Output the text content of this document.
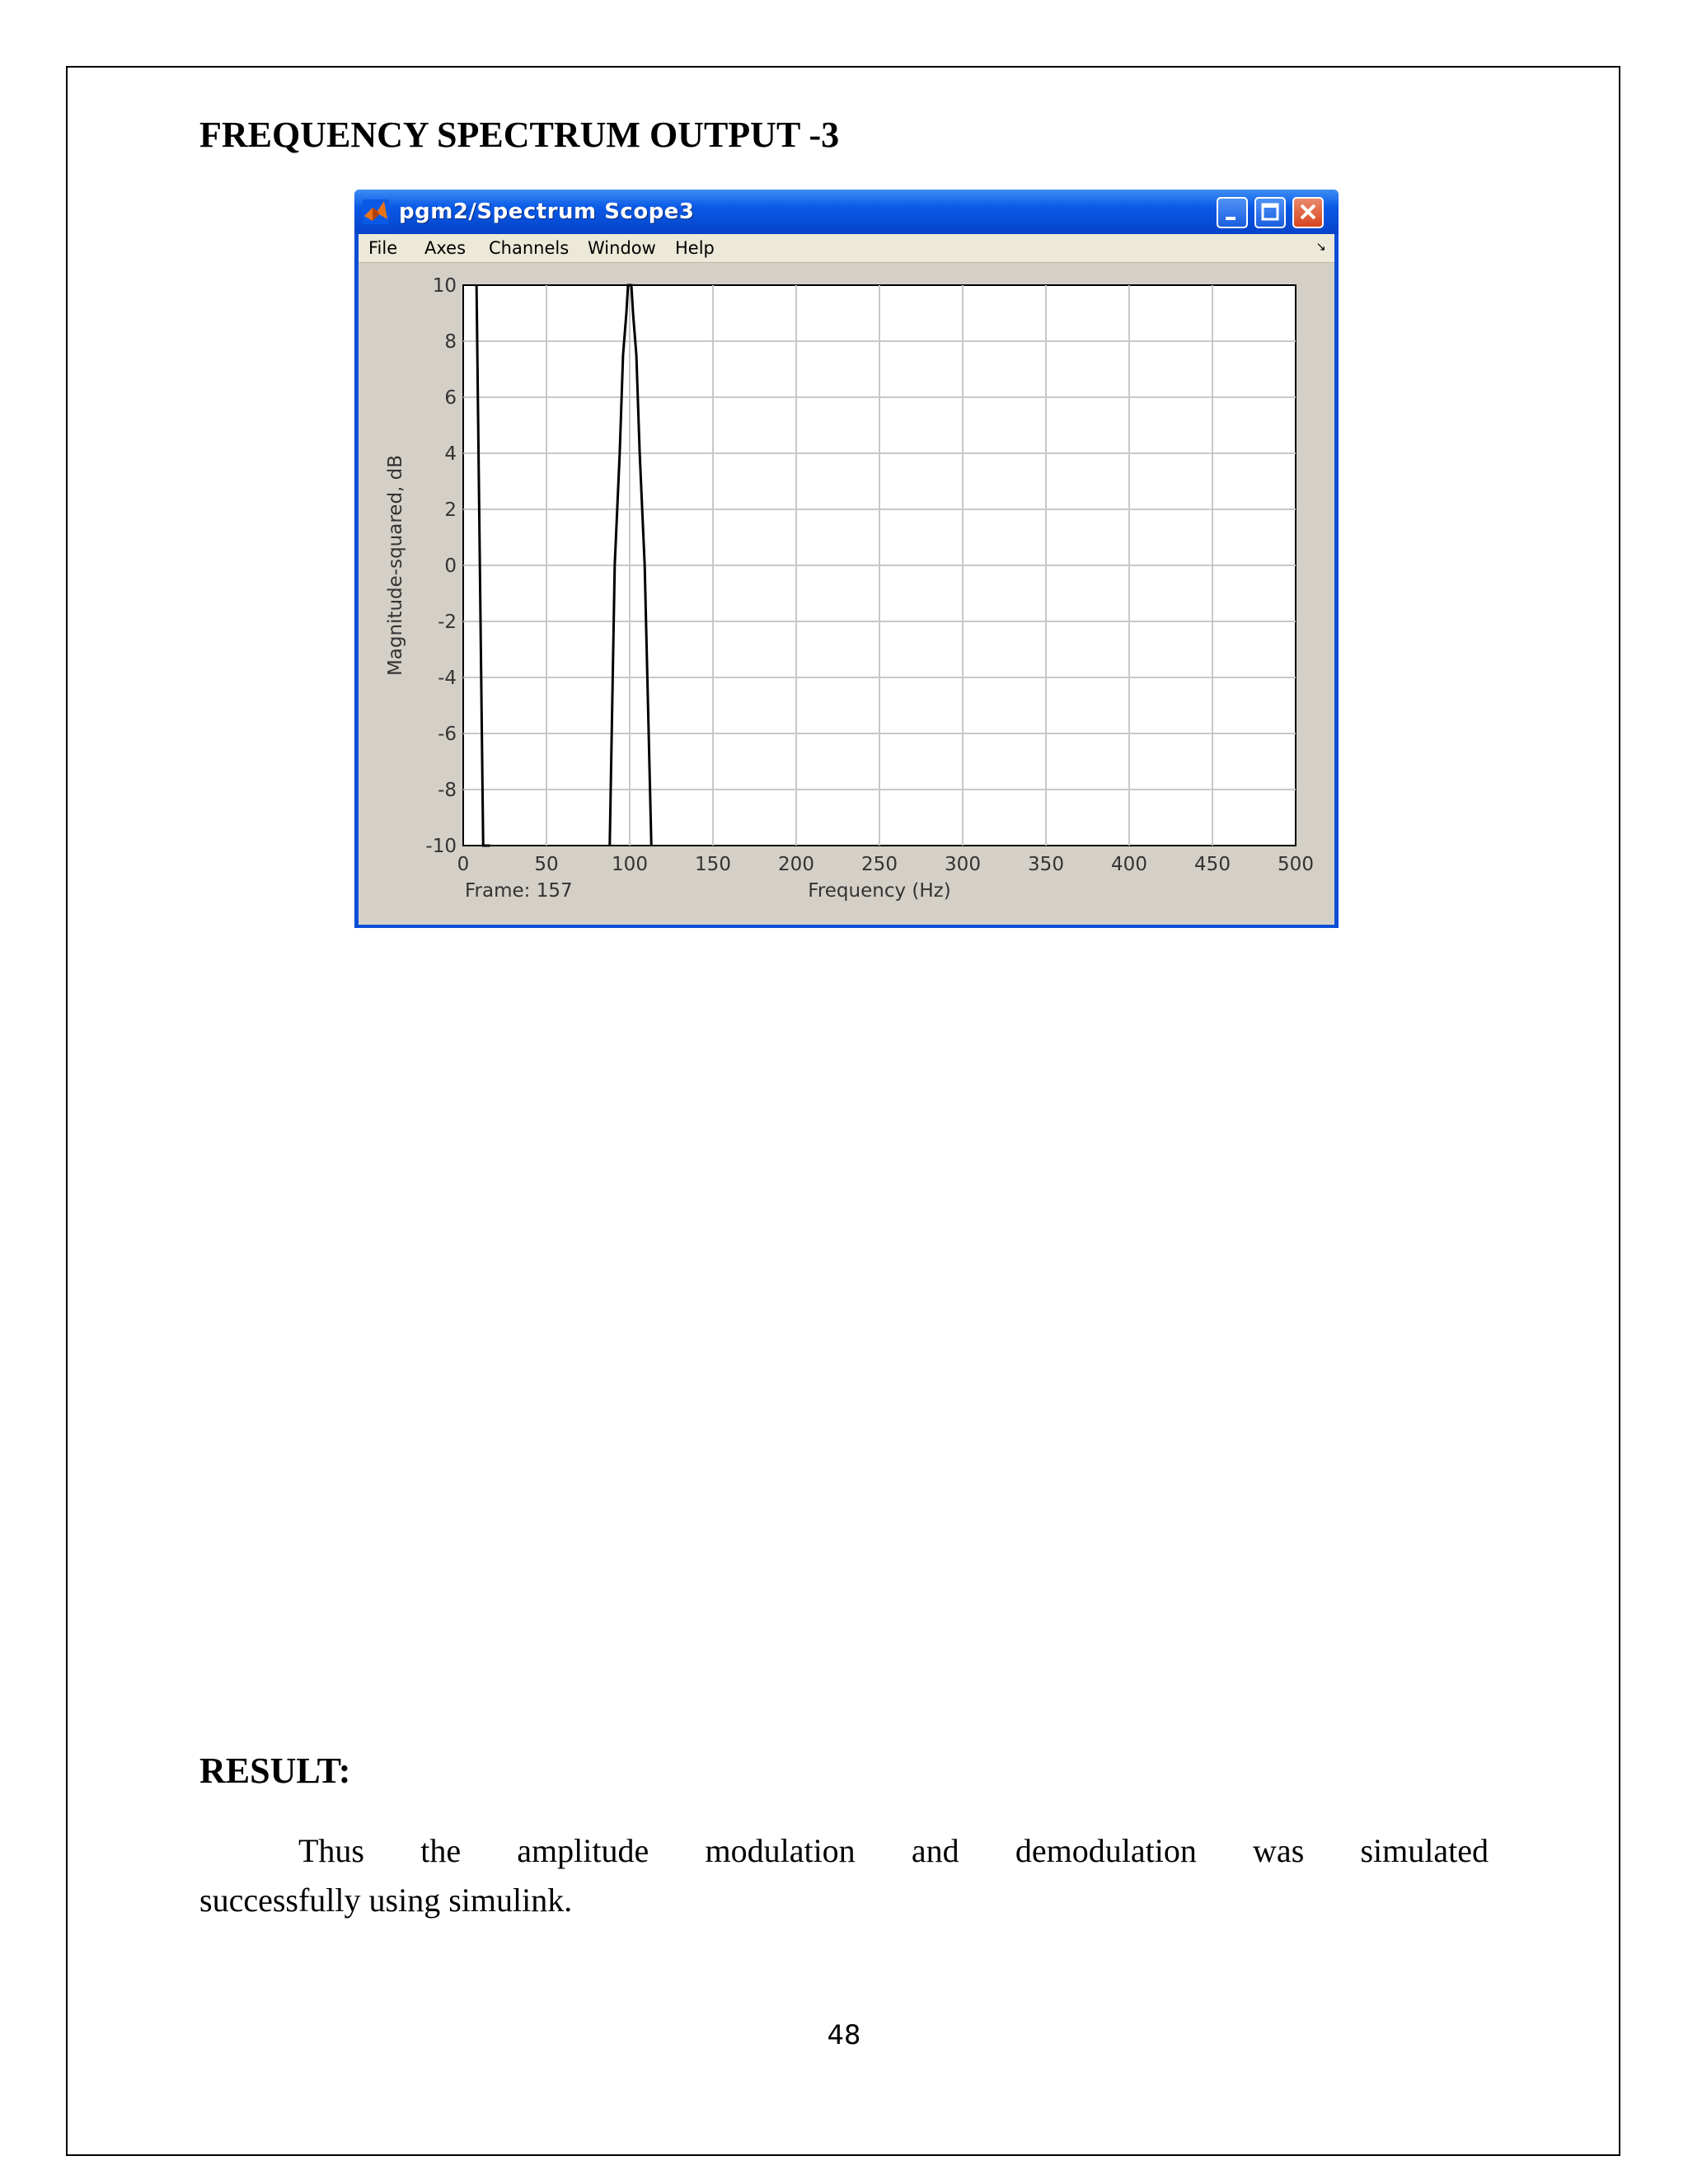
FREQUENCY SPECTRUM OUTPUT -3
pgm2/Spectrum Scope3
File Axes Channels Window Help	↘
0	50	100 150 200 250 300 350 400 450 500
10
8
6
4
2
0
-2
-4
-6
-8
-10
Frequency (Hz)
Magnitude-squared, dB
Frame: 157
RESULT:
Thus the amplitude modulation and demodulation was simulated
successfully using simulink.
48
